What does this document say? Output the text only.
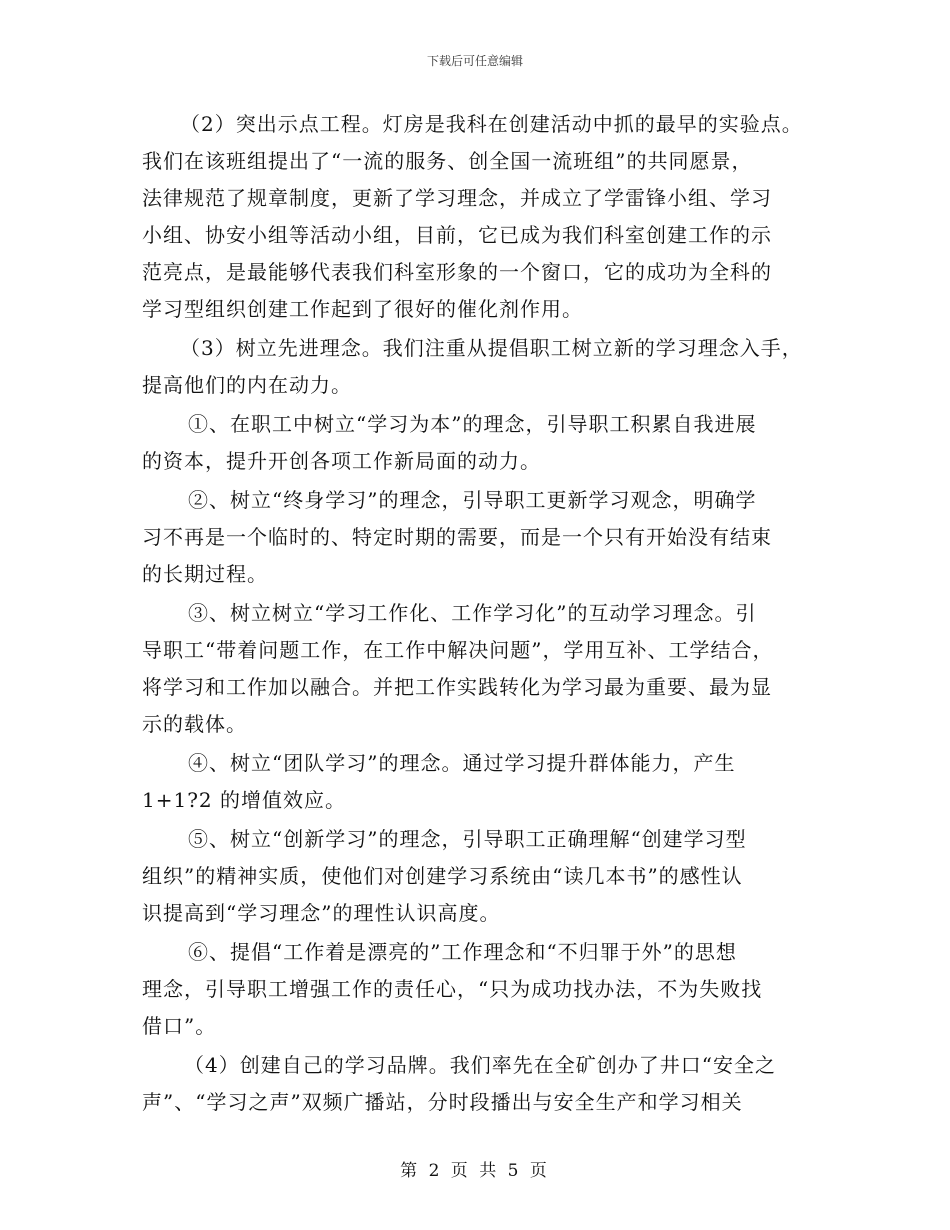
下载后可任意编辑
（2）突出示点工程。灯房是我科在创建活动中抓的最早的实验点。
我们在该班组提出了“一流的服务、创全国一流班组”的共同愿景，
法律规范了规章制度，更新了学习理念，并成立了学雷锋小组、学习
小组、协安小组等活动小组，目前，它已成为我们科室创建工作的示
范亮点，是最能够代表我们科室形象的一个窗口，它的成功为全科的
学习型组织创建工作起到了很好的催化剂作用。
（3）树立先进理念。我们注重从提倡职工树立新的学习理念入手，
提高他们的内在动力。
①、在职工中树立“学习为本”的理念，引导职工积累自我进展
的资本，提升开创各项工作新局面的动力。
②、树立“终身学习”的理念，引导职工更新学习观念，明确学
习不再是一个临时的、特定时期的需要，而是一个只有开始没有结束
的长期过程。
③、树立树立“学习工作化、工作学习化”的互动学习理念。引
导职工“带着问题工作，在工作中解决问题”，学用互补、工学结合，
将学习和工作加以融合。并把工作实践转化为学习最为重要、最为显
示的载体。
④、树立“团队学习”的理念。通过学习提升群体能力，产生
1+1?2 的增值效应。
⑤、树立“创新学习”的理念，引导职工正确理解“创建学习型
组织”的精神实质，使他们对创建学习系统由“读几本书”的感性认
识提高到“学习理念”的理性认识高度。
⑥、提倡“工作着是漂亮的”工作理念和“不归罪于外”的思想
理念，引导职工增强工作的责任心，“只为成功找办法，不为失败找
借口”。
（4）创建自己的学习品牌。我们率先在全矿创办了井口“安全之
声”、“学习之声”双频广播站，分时段播出与安全生产和学习相关
第 2 页 共 5 页
